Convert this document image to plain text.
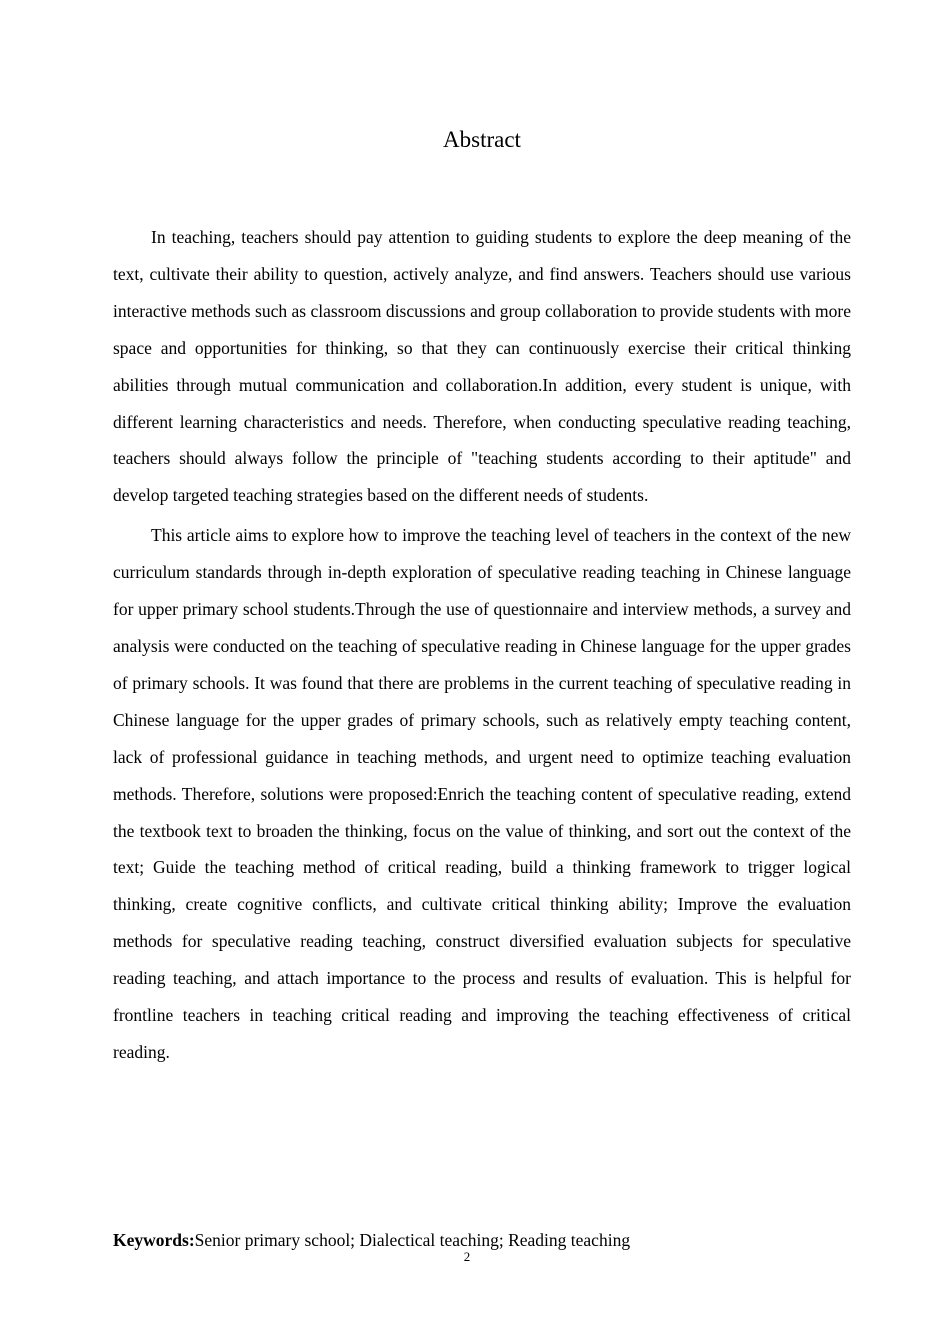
Abstract

In teaching, teachers should pay attention to guiding students to explore the deep meaning of the text, cultivate their ability to question, actively analyze, and find answers. Teachers should use various interactive methods such as classroom discussions and group collaboration to provide students with more space and opportunities for thinking, so that they can continuously exercise their critical thinking abilities through mutual communication and collaboration.In addition, every student is unique, with different learning characteristics and needs. Therefore, when conducting speculative reading teaching, teachers should always follow the principle of "teaching students according to their aptitude" and develop targeted teaching strategies based on the different needs of students.

This article aims to explore how to improve the teaching level of teachers in the context of the new curriculum standards through in-depth exploration of speculative reading teaching in Chinese language for upper primary school students.Through the use of questionnaire and interview methods, a survey and analysis were conducted on the teaching of speculative reading in Chinese language for the upper grades of primary schools. It was found that there are problems in the current teaching of speculative reading in Chinese language for the upper grades of primary schools, such as relatively empty teaching content, lack of professional guidance in teaching methods, and urgent need to optimize teaching evaluation methods. Therefore, solutions were proposed:Enrich the teaching content of speculative reading, extend the textbook text to broaden the thinking, focus on the value of thinking, and sort out the context of the text; Guide the teaching method of critical reading, build a thinking framework to trigger logical thinking, create cognitive conflicts, and cultivate critical thinking ability; Improve the evaluation methods for speculative reading teaching, construct diversified evaluation subjects for speculative reading teaching, and attach importance to the process and results of evaluation. This is helpful for frontline teachers in teaching critical reading and improving the teaching effectiveness of critical reading.

Keywords:Senior primary school; Dialectical teaching; Reading teaching

2
